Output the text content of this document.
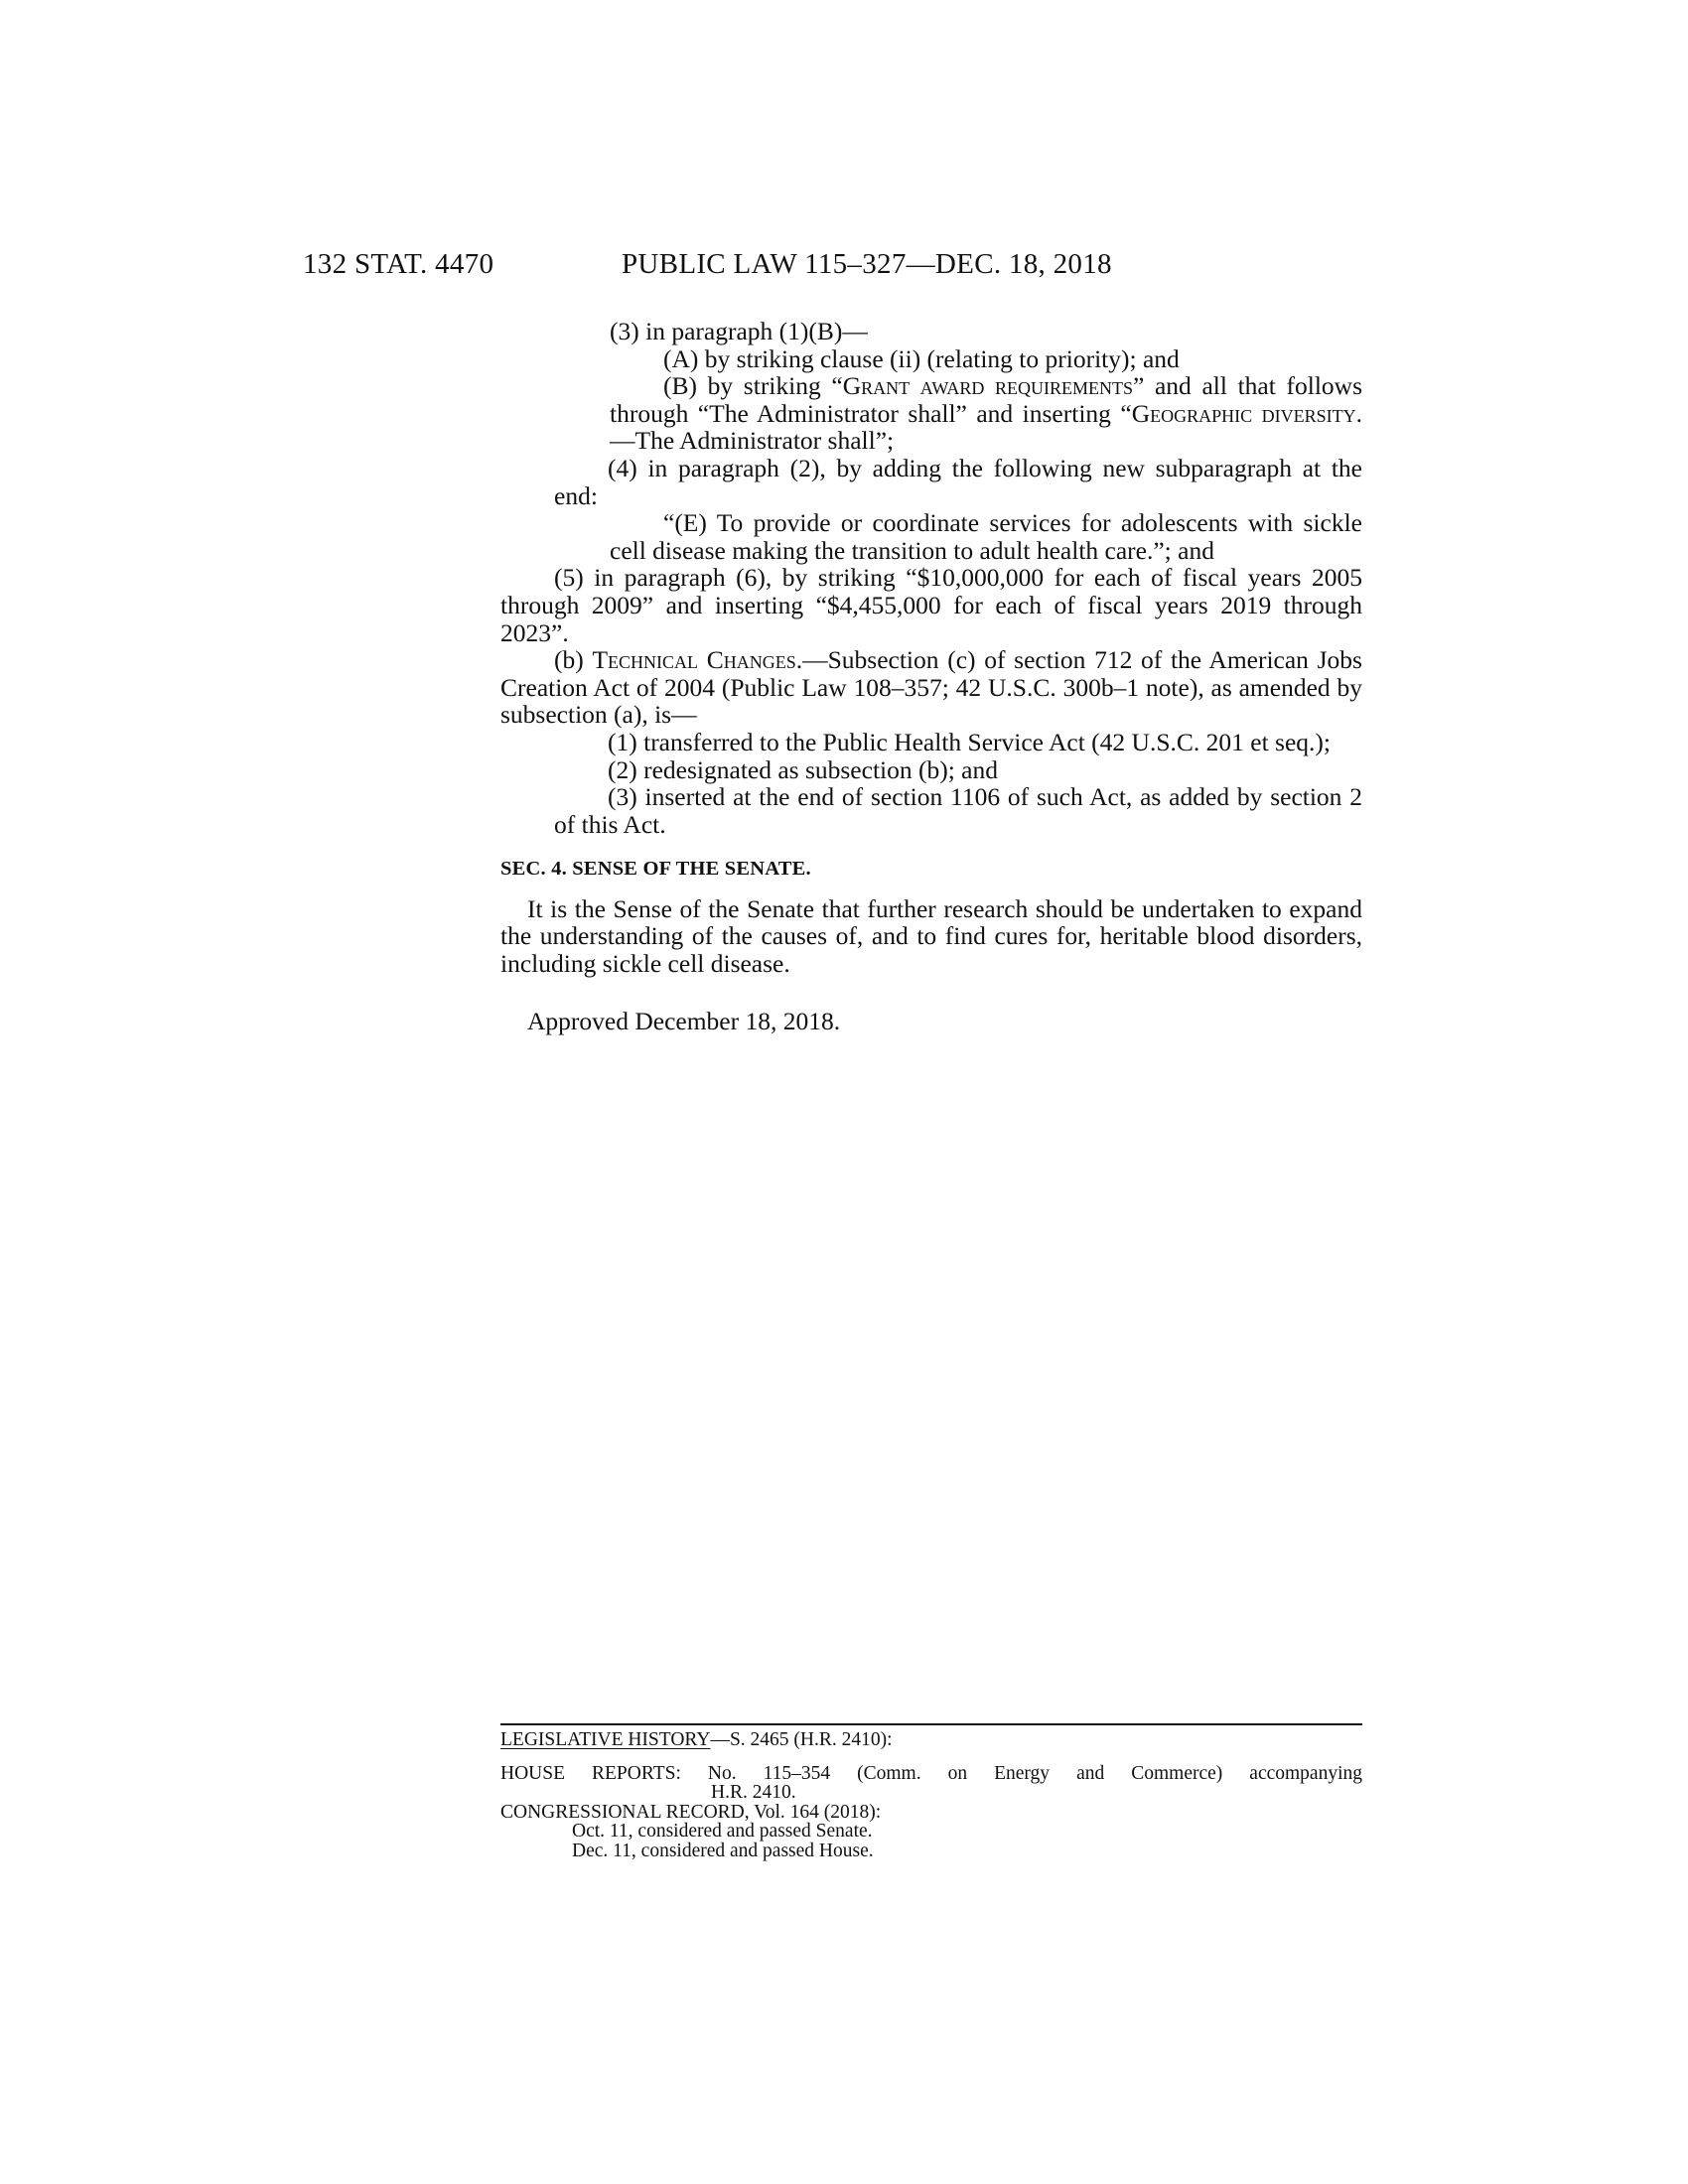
132 STAT. 4470	PUBLIC LAW 115–327—DEC. 18, 2018

(3) in paragraph (1)(B)—

(A) by striking clause (ii) (relating to priority); and

(B) by striking “Grant award requirements” and all that follows through “The Administrator shall” and inserting “Geographic diversity.—The Administrator shall”;

(4) in paragraph (2), by adding the following new subparagraph at the end:

“(E) To provide or coordinate services for adolescents with sickle cell disease making the transition to adult health care.”; and

(5) in paragraph (6), by striking “$10,000,000 for each of fiscal years 2005 through 2009” and inserting “$4,455,000 for each of fiscal years 2019 through 2023”.

(b) Technical Changes.—Subsection (c) of section 712 of the American Jobs Creation Act of 2004 (Public Law 108–357; 42 U.S.C. 300b–1 note), as amended by subsection (a), is—

(1) transferred to the Public Health Service Act (42 U.S.C. 201 et seq.);

(2) redesignated as subsection (b); and

(3) inserted at the end of section 1106 of such Act, as added by section 2 of this Act.

SEC. 4. SENSE OF THE SENATE.

It is the Sense of the Senate that further research should be undertaken to expand the understanding of the causes of, and to find cures for, heritable blood disorders, including sickle cell disease.

Approved December 18, 2018.

LEGISLATIVE HISTORY—S. 2465 (H.R. 2410):

HOUSE REPORTS: No. 115–354 (Comm. on Energy and Commerce) accompanying

H.R. 2410.

CONGRESSIONAL RECORD, Vol. 164 (2018):

Oct. 11, considered and passed Senate.

Dec. 11, considered and passed House.
